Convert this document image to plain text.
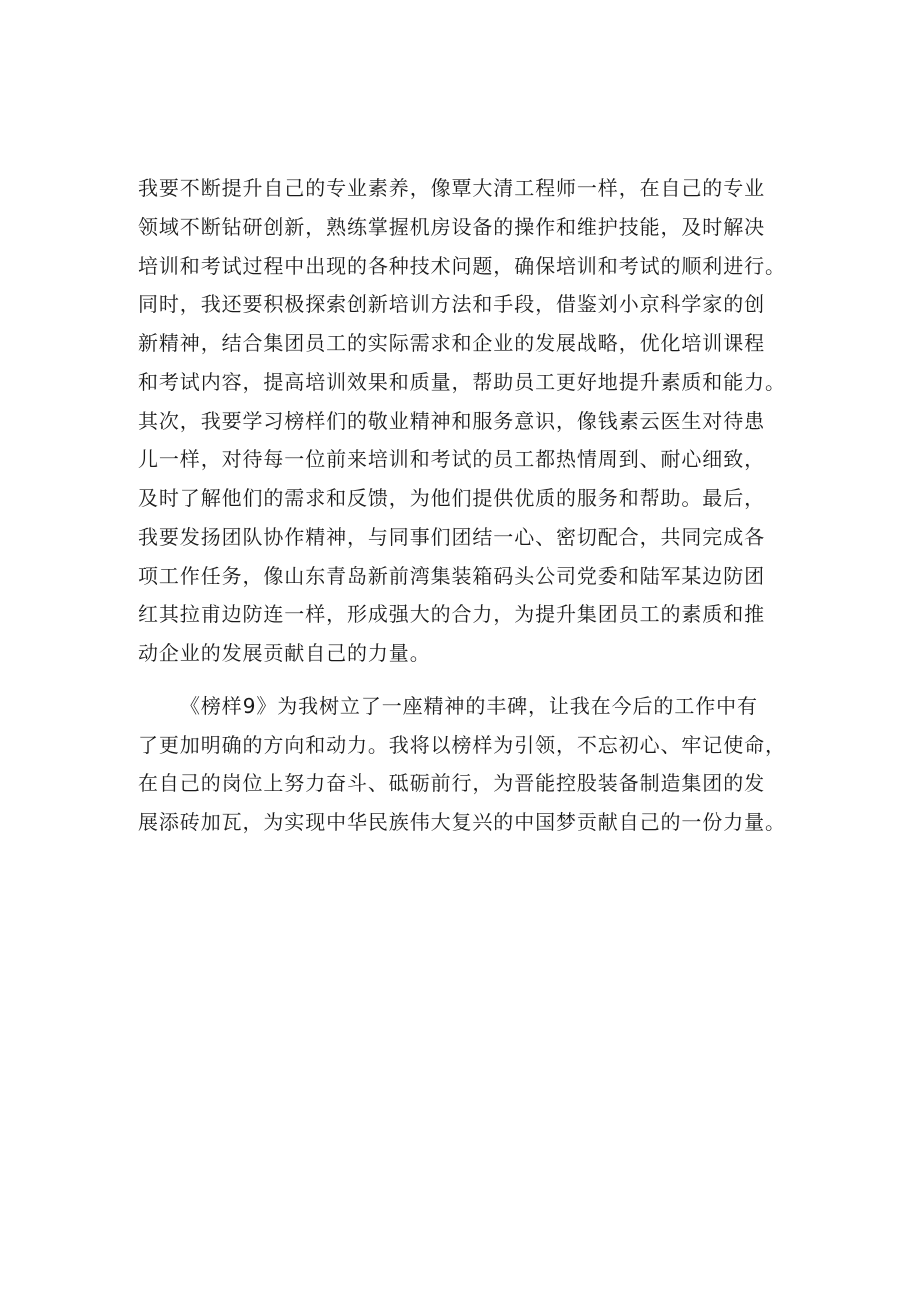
我要不断提升自己的专业素养，像覃大清工程师一样，在自己的专业
领域不断钻研创新，熟练掌握机房设备的操作和维护技能，及时解决
培训和考试过程中出现的各种技术问题，确保培训和考试的顺利进行。
同时，我还要积极探索创新培训方法和手段，借鉴刘小京科学家的创
新精神，结合集团员工的实际需求和企业的发展战略，优化培训课程
和考试内容，提高培训效果和质量，帮助员工更好地提升素质和能力。
其次，我要学习榜样们的敬业精神和服务意识，像钱素云医生对待患
儿一样，对待每一位前来培训和考试的员工都热情周到、耐心细致，
及时了解他们的需求和反馈，为他们提供优质的服务和帮助。最后，
我要发扬团队协作精神，与同事们团结一心、密切配合，共同完成各
项工作任务，像山东青岛新前湾集装箱码头公司党委和陆军某边防团
红其拉甫边防连一样，形成强大的合力，为提升集团员工的素质和推
动企业的发展贡献自己的力量。
《榜样9》为我树立了一座精神的丰碑，让我在今后的工作中有
了更加明确的方向和动力。我将以榜样为引领，不忘初心、牢记使命，
在自己的岗位上努力奋斗、砥砺前行，为晋能控股装备制造集团的发
展添砖加瓦，为实现中华民族伟大复兴的中国梦贡献自己的一份力量。
